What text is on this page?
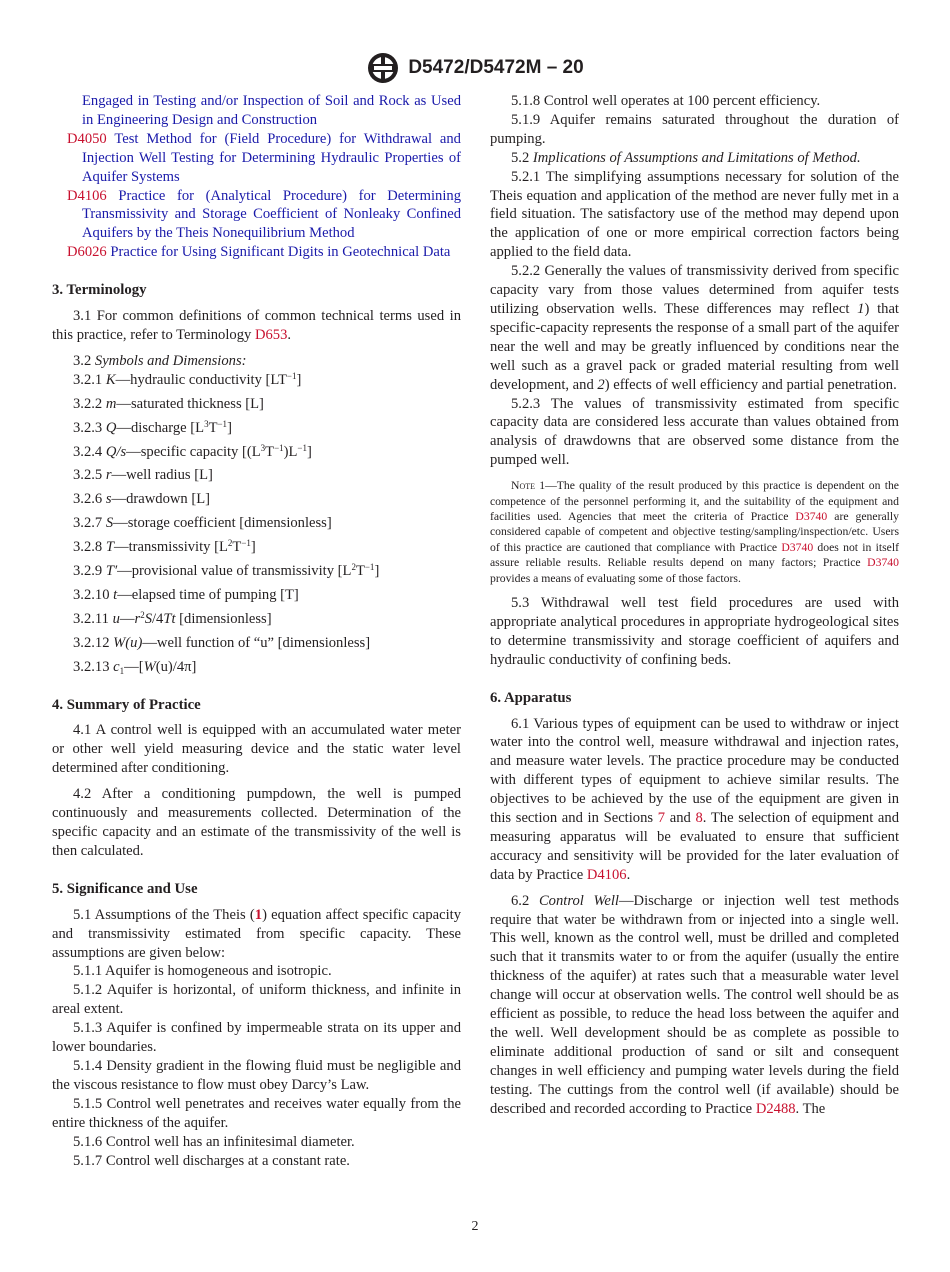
D5472/D5472M – 20

Engaged in Testing and/or Inspection of Soil and Rock as Used in Engineering Design and Construction

D4050 Test Method for (Field Procedure) for Withdrawal and Injection Well Testing for Determining Hydraulic Properties of Aquifer Systems

D4106 Practice for (Analytical Procedure) for Determining Transmissivity and Storage Coefficient of Nonleaky Confined Aquifers by the Theis Nonequilibrium Method

D6026 Practice for Using Significant Digits in Geotechnical Data

3. Terminology

3.1 For common definitions of common technical terms used in this practice, refer to Terminology D653.

3.2 Symbols and Dimensions:

3.2.1 K—hydraulic conductivity $[LT^{-1}]$

3.2.2 m—saturated thickness [L]

3.2.3 Q—discharge $[L^3T^{-1}]$

3.2.4 Q/s—specific capacity $[(L^3T^{-1})L^{-1}]$

3.2.5 r—well radius [L]

3.2.6 s—drawdown [L]

3.2.7 S—storage coefficient [dimensionless]

3.2.8 T—transmissivity $[L^2T^{-1}]$

3.2.9 T′—provisional value of transmissivity $[L^2T^{-1}]$

3.2.10 t—elapsed time of pumping [T]

3.2.11 $u—r^2S/4Tt$ [dimensionless]

3.2.12 W(u)—well function of “u” [dimensionless]

3.2.13 $c_1—[W(u)/4\pi]$

4. Summary of Practice

4.1 A control well is equipped with an accumulated water meter or other well yield measuring device and the static water level determined after conditioning.

4.2 After a conditioning pumpdown, the well is pumped continuously and measurements collected. Determination of the specific capacity and an estimate of the transmissivity of the well is then calculated.

5. Significance and Use

5.1 Assumptions of the Theis (1) equation affect specific capacity and transmissivity estimated from specific capacity. These assumptions are given below:

5.1.1 Aquifer is homogeneous and isotropic.

5.1.2 Aquifer is horizontal, of uniform thickness, and infinite in areal extent.

5.1.3 Aquifer is confined by impermeable strata on its upper and lower boundaries.

5.1.4 Density gradient in the flowing fluid must be negligible and the viscous resistance to flow must obey Darcy’s Law.

5.1.5 Control well penetrates and receives water equally from the entire thickness of the aquifer.

5.1.6 Control well has an infinitesimal diameter.

5.1.7 Control well discharges at a constant rate.

5.1.8 Control well operates at 100 percent efficiency.

5.1.9 Aquifer remains saturated throughout the duration of pumping.

5.2 Implications of Assumptions and Limitations of Method.

5.2.1 The simplifying assumptions necessary for solution of the Theis equation and application of the method are never fully met in a field situation. The satisfactory use of the method may depend upon the application of one or more empirical correction factors being applied to the field data.

5.2.2 Generally the values of transmissivity derived from specific capacity vary from those values determined from aquifer tests utilizing observation wells. These differences may reflect 1) that specific-capacity represents the response of a small part of the aquifer near the well and may be greatly influenced by conditions near the well such as a gravel pack or graded material resulting from well development, and 2) effects of well efficiency and partial penetration.

5.2.3 The values of transmissivity estimated from specific capacity data are considered less accurate than values obtained from analysis of drawdowns that are observed some distance from the pumped well.

Note 1—The quality of the result produced by this practice is dependent on the competence of the personnel performing it, and the suitability of the equipment and facilities used. Agencies that meet the criteria of Practice D3740 are generally considered capable of competent and objective testing/sampling/inspection/etc. Users of this practice are cautioned that compliance with Practice D3740 does not in itself assure reliable results. Reliable results depend on many factors; Practice D3740 provides a means of evaluating some of those factors.

5.3 Withdrawal well test field procedures are used with appropriate analytical procedures in appropriate hydrogeological sites to determine transmissivity and storage coefficient of aquifers and hydraulic conductivity of confining beds.

6. Apparatus

6.1 Various types of equipment can be used to withdraw or inject water into the control well, measure withdrawal and injection rates, and measure water levels. The practice procedure may be conducted with different types of equipment to achieve similar results. The objectives to be achieved by the use of the equipment are given in this section and in Sections 7 and 8. The selection of equipment and measuring apparatus will be evaluated to ensure that sufficient accuracy and sensitivity will be provided for the later evaluation of data by Practice D4106.

6.2 Control Well—Discharge or injection well test methods require that water be withdrawn from or injected into a single well. This well, known as the control well, must be drilled and completed such that it transmits water to or from the aquifer (usually the entire thickness of the aquifer) at rates such that a measurable water level change will occur at observation wells. The control well should be as efficient as possible, to reduce the head loss between the aquifer and the well. Well development should be as complete as possible to eliminate additional production of sand or silt and consequent changes in well efficiency and pumping water levels during the field testing. The cuttings from the control well (if available) should be described and recorded according to Practice D2488. The

2
